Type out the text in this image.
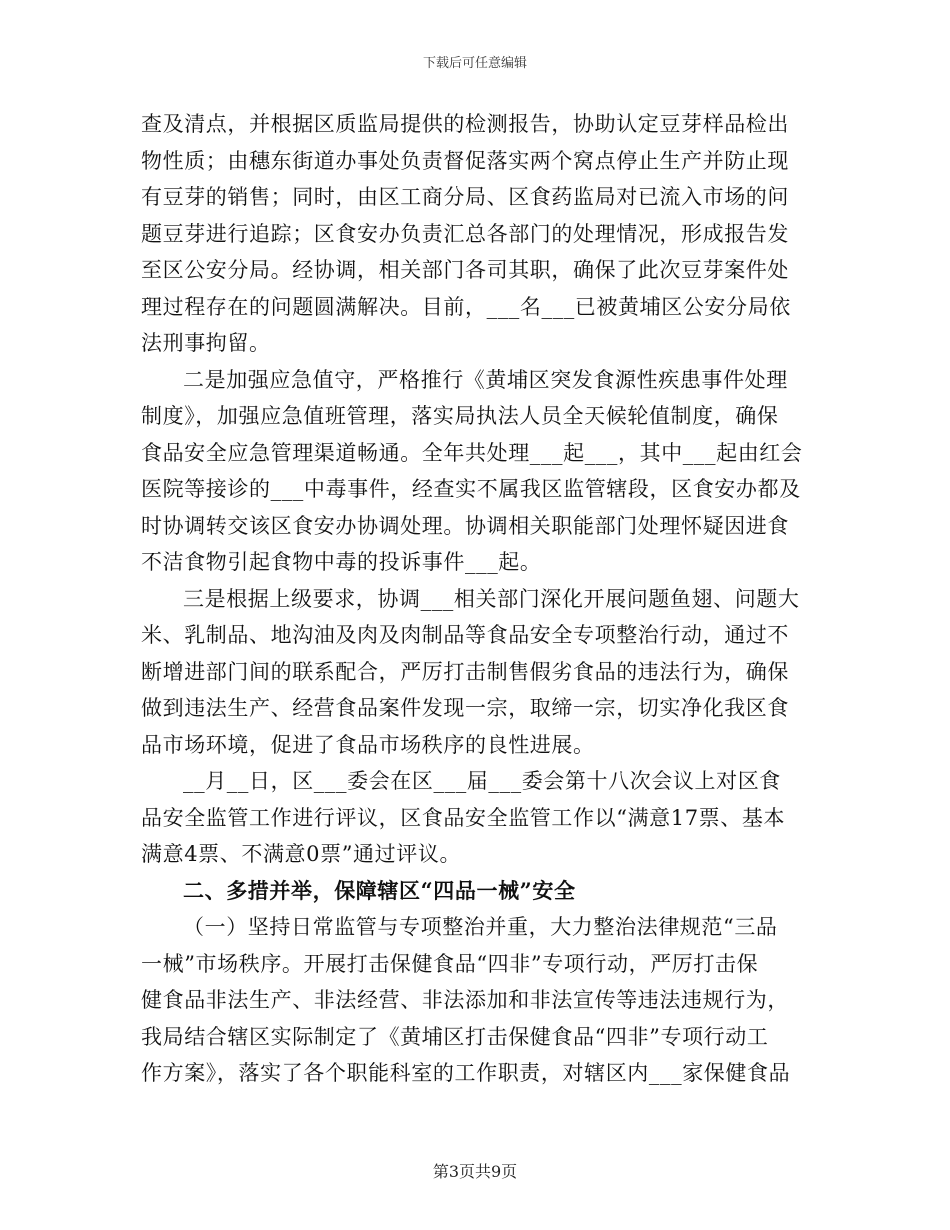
下载后可任意编辑
查及清点，并根据区质监局提供的检测报告，协助认定豆芽样品检出
物性质；由穗东街道办事处负责督促落实两个窝点停止生产并防止现
有豆芽的销售；同时，由区工商分局、区食药监局对已流入市场的问
题豆芽进行追踪；区食安办负责汇总各部门的处理情况，形成报告发
至区公安分局。经协调，相关部门各司其职，确保了此次豆芽案件处
理过程存在的问题圆满解决。目前，___名___已被黄埔区公安分局依
法刑事拘留。
二是加强应急值守，严格推行《黄埔区突发食源性疾患事件处理
制度》，加强应急值班管理，落实局执法人员全天候轮值制度，确保
食品安全应急管理渠道畅通。全年共处理___起___，其中___起由红会
医院等接诊的___中毒事件，经查实不属我区监管辖段，区食安办都及
时协调转交该区食安办协调处理。协调相关职能部门处理怀疑因进食
不洁食物引起食物中毒的投诉事件___起。
三是根据上级要求，协调___相关部门深化开展问题鱼翅、问题大
米、乳制品、地沟油及肉及肉制品等食品安全专项整治行动，通过不
断增进部门间的联系配合，严厉打击制售假劣食品的违法行为，确保
做到违法生产、经营食品案件发现一宗，取缔一宗，切实净化我区食
品市场环境，促进了食品市场秩序的良性进展。
__月__日，区___委会在区___届___委会第十八次会议上对区食
品安全监管工作进行评议，区食品安全监管工作以“满意17票、基本
满意4票、不满意0票”通过评议。
二、多措并举，保障辖区“四品一械”安全
（一）坚持日常监管与专项整治并重，大力整治法律规范“三品
一械”市场秩序。开展打击保健食品“四非”专项行动，严厉打击保
健食品非法生产、非法经营、非法添加和非法宣传等违法违规行为，
我局结合辖区实际制定了《黄埔区打击保健食品“四非”专项行动工
作方案》，落实了各个职能科室的工作职责，对辖区内___家保健食品
第3页共9页
